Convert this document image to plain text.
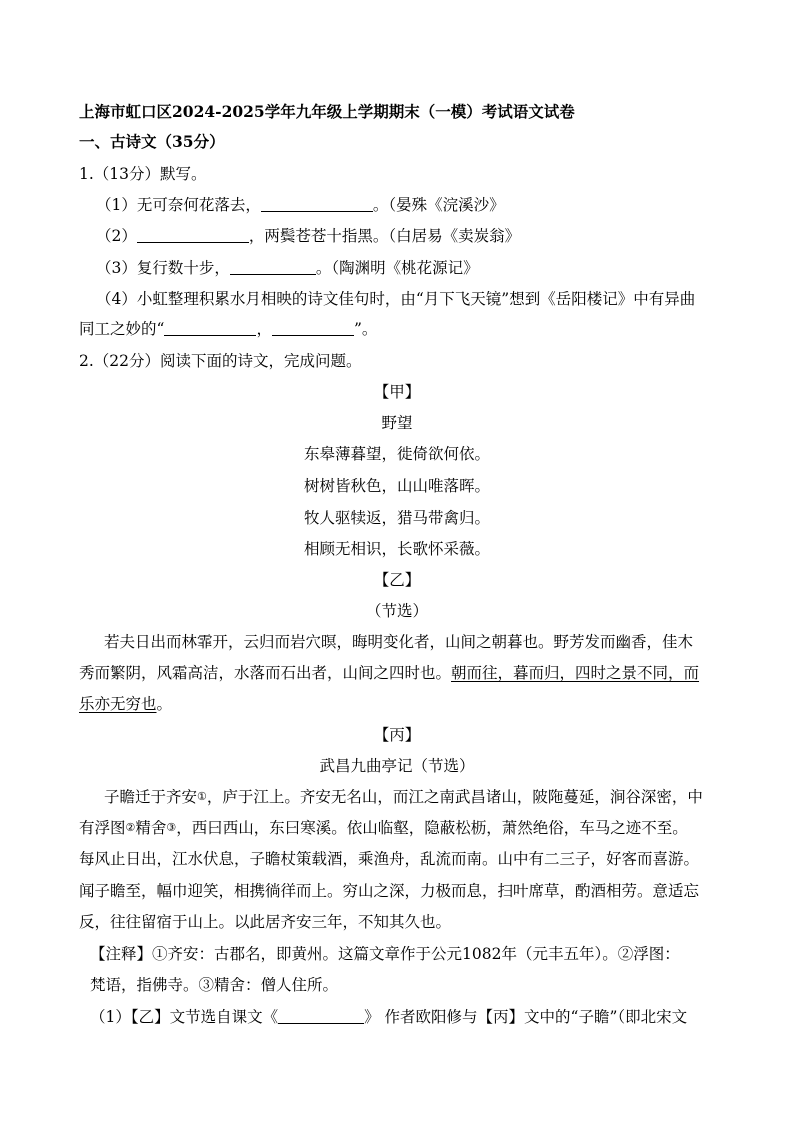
上海市虹口区2024-2025学年九年级上学期期末（一模）考试语文试卷
一、古诗文（35分）
1.（13分）默写。
（1）无可奈何花落去，	。（晏殊《浣溪沙》
（2）	，两鬓苍苍十指黑。（白居易《卖炭翁》
（3）复行数十步，	。（陶渊明《桃花源记》
（4）小虹整理积累水月相映的诗文佳句时，由“月下飞天镜”想到《岳阳楼记》中有异曲
同工之妙的“	，	”。
2.（22分）阅读下面的诗文，完成问题。
【甲】
野望
东皋薄暮望，徙倚欲何依。
树树皆秋色，山山唯落晖。
牧人驱犊返，猎马带禽归。
相顾无相识，长歌怀采薇。
【乙】
（节选）
若夫日出而林霏开，云归而岩穴暝，晦明变化者，山间之朝暮也。野芳发而幽香，佳木
秀而繁阴，风霜高洁，水落而石出者，山间之四时也。朝而往，暮而归，四时之景不同，而
乐亦无穷也。
【丙】
武昌九曲亭记（节选）
子瞻迁于齐安①，庐于江上。齐安无名山，而江之南武昌诸山，陂陁蔓延，涧谷深密，中
有浮图②精舍③，西曰西山，东曰寒溪。依山临壑，隐蔽松枥，萧然绝俗，车马之迹不至。
每风止日出，江水伏息，子瞻杖策载酒，乘渔舟，乱流而南。山中有二三子，好客而喜游。
闻子瞻至，幅巾迎笑，相携徜徉而上。穷山之深，力极而息，扫叶席草，酌酒相劳。意适忘
反，往往留宿于山上。以此居齐安三年，不知其久也。
【注释】①齐安：古郡名，即黄州。这篇文章作于公元1082年（元丰五年）。②浮图：
梵语，指佛寺。③精舍：僧人住所。
（1）【乙】文节选自课文《	》 作者欧阳修与【丙】文中的“子瞻”（即北宋文
